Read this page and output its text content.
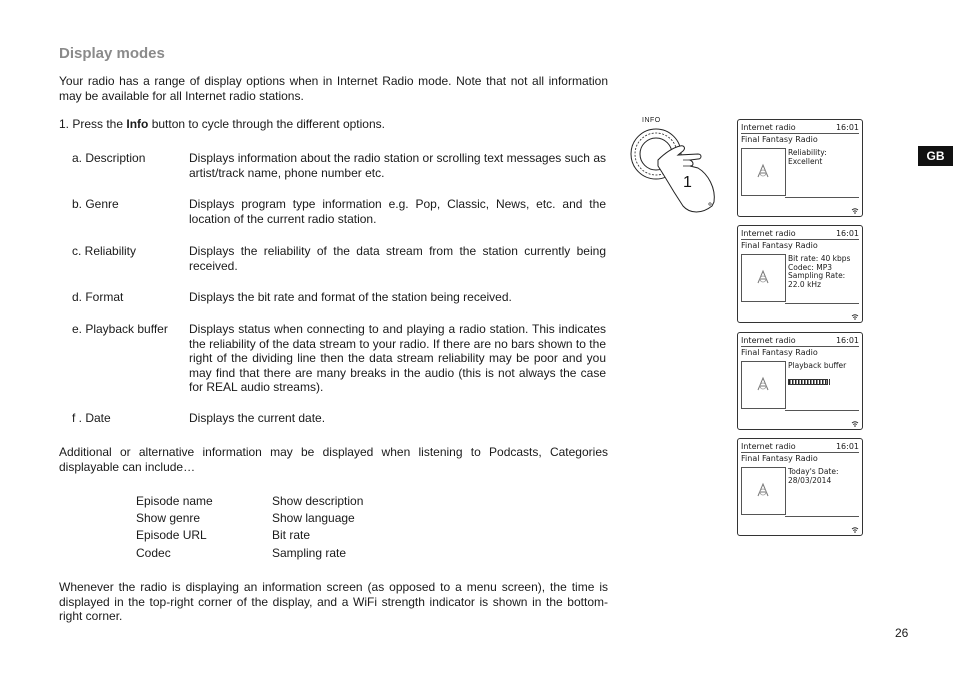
Display modes
Your radio has a range of display options when in Internet Radio mode. Note that not all information may be available for all Internet radio stations.
1. Press the Info button to cycle through the different options.
a. Description	Displays information about the radio station or scrolling text messages such as artist/track name, phone number etc.
b. Genre	Displays program type information e.g. Pop, Classic, News, etc. and the location of the current radio station.
c. Reliability	Displays the reliability of the data stream from the station currently being received.
d. Format	Displays the bit rate and format of the station being received.
e. Playback buffer Displays status when connecting to and playing a radio station. This indicates the reliability of the data stream to your radio. If there are no bars shown to the right of the dividing line then the data stream reliability may be poor and you may find that there are many breaks in the audio (this is not always the case for REAL audio streams).
f . Date	Displays the current date.
Additional or alternative information may be displayed when listening to Podcasts, Categories displayable can include…
Episode name	Show description
Show genre	Show language
Episode URL	Bit rate
Codec	Sampling rate
Whenever the radio is displaying an information screen (as opposed to a menu screen), the time is displayed in the top-right corner of the display, and a WiFi strength indicator is shown in the bottom-right corner.
INFO
1
Internet radio	16:01
Final Fantasy Radio
Reliability:
Excellent
Internet radio	16:01
Final Fantasy Radio
Bit rate: 40 kbps
Codec: MP3
Sampling Rate:
22.0 kHz
Internet radio	16:01
Final Fantasy Radio
Playback buffer
Internet radio	16:01
Final Fantasy Radio
Today's Date:
28/03/2014
GB
26
